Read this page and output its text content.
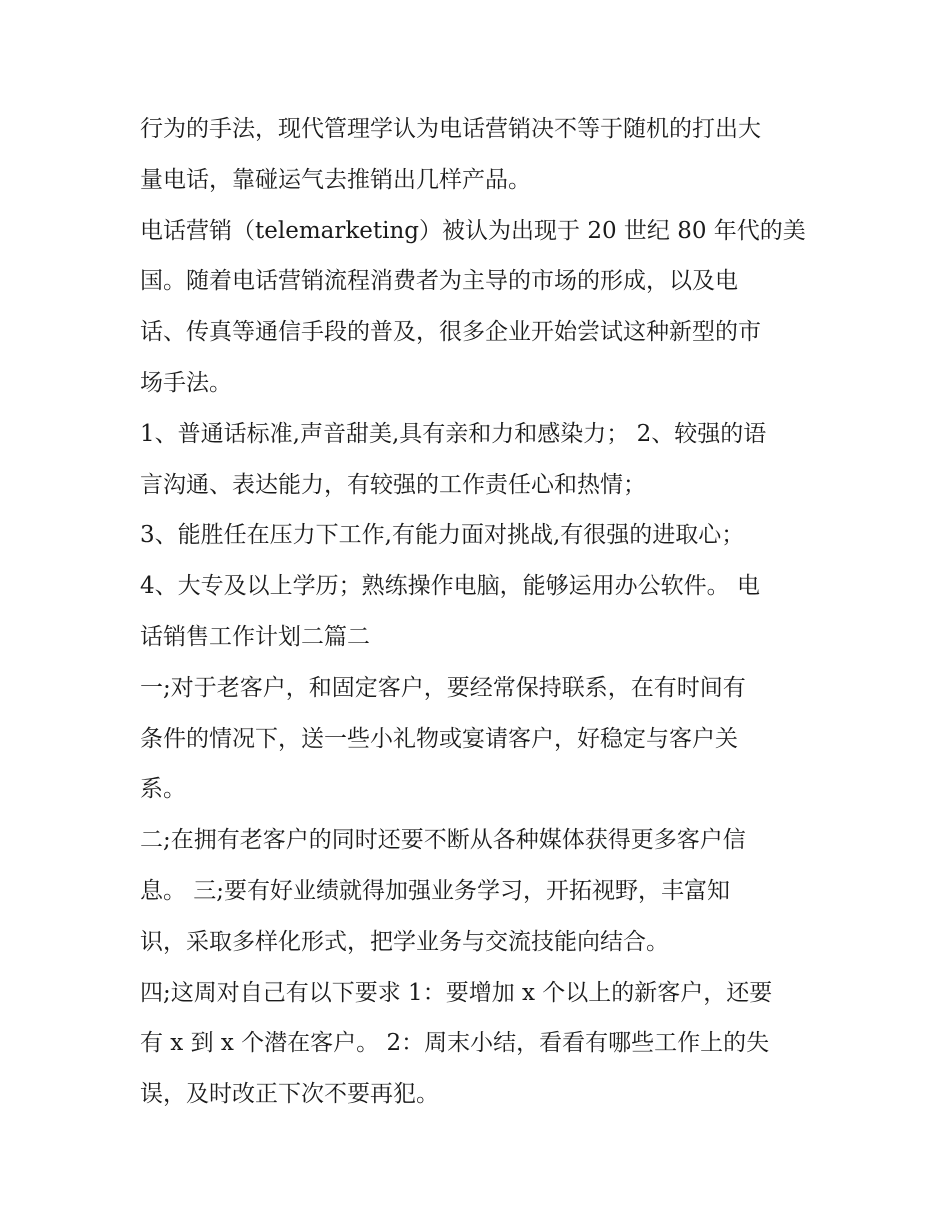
行为的手法，现代管理学认为电话营销决不等于随机的打出大
量电话，靠碰运气去推销出几样产品。

电话营销（telemarketing）被认为出现于 20 世纪 80 年代的美
国。随着电话营销流程消费者为主导的市场的形成，以及电
话、传真等通信手段的普及，很多企业开始尝试这种新型的市
场手法。

1、普通话标准,声音甜美,具有亲和力和感染力； 2、较强的语
言沟通、表达能力，有较强的工作责任心和热情；

3、能胜任在压力下工作,有能力面对挑战,有很强的进取心；

4、大专及以上学历；熟练操作电脑，能够运用办公软件。 电
话销售工作计划二篇二

一;对于老客户，和固定客户，要经常保持联系，在有时间有
条件的情况下，送一些小礼物或宴请客户，好稳定与客户关
系。

二;在拥有老客户的同时还要不断从各种媒体获得更多客户信
息。 三;要有好业绩就得加强业务学习，开拓视野，丰富知
识，采取多样化形式，把学业务与交流技能向结合。

四;这周对自己有以下要求 1：要增加 x 个以上的新客户，还要
有 x 到 x 个潜在客户。 2：周末小结，看看有哪些工作上的失
误，及时改正下次不要再犯。
